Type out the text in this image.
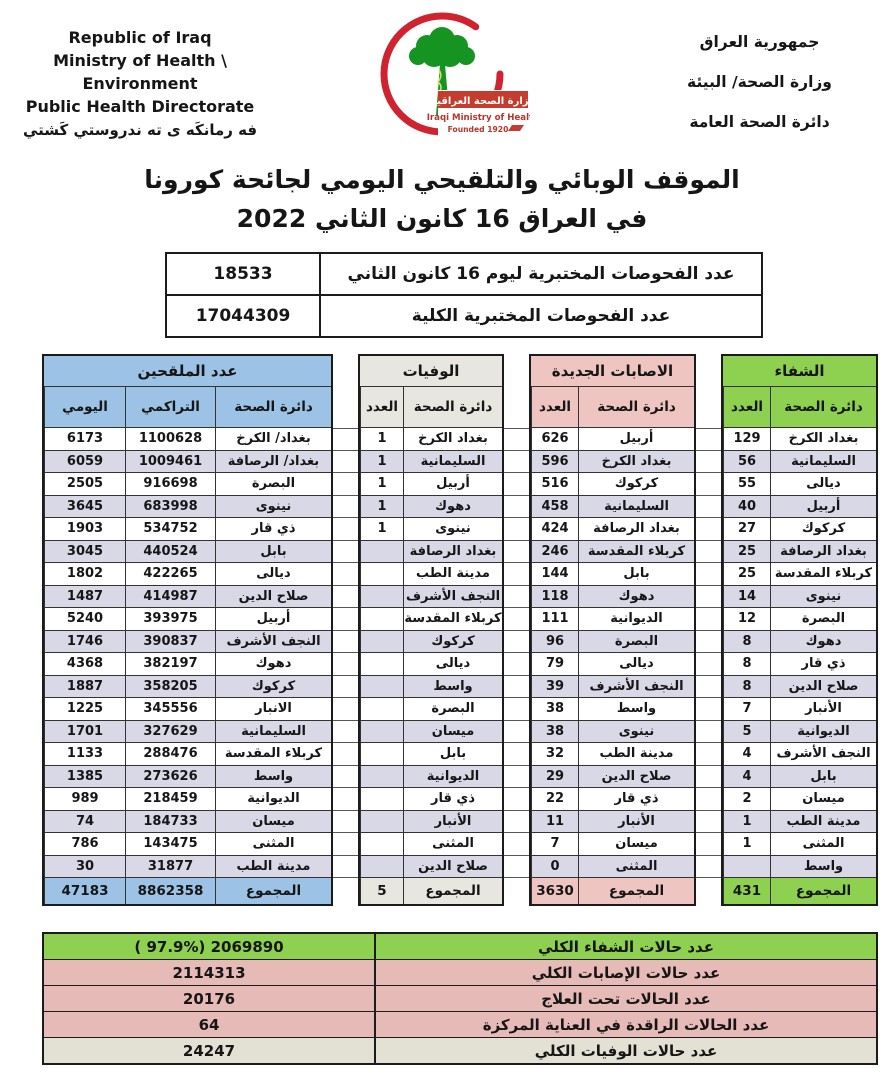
Republic of Iraq
Ministry of Health \ Environment
Public Health Directorate
فه رمانكَه ى ته ندروستي كَشتي
وزارة الصحة العراقية
Iraqi Ministry of Health
Founded 1920
جمهورية العراق
وزارة الصحة/ البيئة
دائرة الصحة العامة
الموقف الوبائي والتلقيحي اليومي لجائحة كورونا
في العراق 16 كانون الثاني 2022
عدد الفحوصات المختبرية ليوم 16 كانون الثاني
18533
عدد الفحوصات المختبرية الكلية
17044309
الشفاء
دائرة الصحة
العدد
بغداد الكرخ
129
السليمانية
56
ديالى
55
أربيل
40
كركوك
27
بغداد الرصافة
25
كربلاء المقدسة
25
نينوى
14
البصرة
12
دهوك
8
ذي قار
8
صلاح الدين
8
الأنبار
7
الديوانية
5
النجف الأشرف
4
بابل
4
ميسان
2
مدينة الطب
1
المثنى
1
واسط
المجموع
431
الاصابات الجديدة
دائرة الصحة
العدد
أربيل
626
بغداد الكرخ
596
كركوك
516
السليمانية
458
بغداد الرصافة
424
كربلاء المقدسة
246
بابل
144
دهوك
118
الديوانية
111
البصرة
96
ديالى
79
النجف الأشرف
39
واسط
38
نينوى
38
مدينة الطب
32
صلاح الدين
29
ذي قار
22
الأنبار
11
ميسان
7
المثنى
0
المجموع
3630
الوفيات
دائرة الصحة
العدد
بغداد الكرخ
1
السليمانية
1
أربيل
1
دهوك
1
نينوى
1
بغداد الرصافة
مدينة الطب
النجف الأشرف
كربلاء المقدسة
كركوك
ديالى
واسط
البصرة
ميسان
بابل
الديوانية
ذي قار
الأنبار
المثنى
صلاح الدين
المجموع
5
عدد الملقحين
دائرة الصحة
التراكمي
اليومي
بغداد/ الكرخ
1100628
6173
بغداد/ الرصافة
1009461
6059
البصرة
916698
2505
نينوى
683998
3645
ذي قار
534752
1903
بابل
440524
3045
ديالى
422265
1802
صلاح الدين
414987
1487
أربيل
393975
5240
النجف الأشرف
390837
1746
دهوك
382197
4368
كركوك
358205
1887
الانبار
345556
1225
السليمانية
327629
1701
كربلاء المقدسة
288476
1133
واسط
273626
1385
الديوانية
218459
989
ميسان
184733
74
المثنى
143475
786
مدينة الطب
31877
30
المجموع
8862358
47183
عدد حالات الشفاء الكلي
( 97.9%) 2069890
عدد حالات الإصابات الكلي
2114313
عدد الحالات تحت العلاج
20176
عدد الحالات الراقدة في العناية المركزة
64
عدد حالات الوفيات الكلي
24247
